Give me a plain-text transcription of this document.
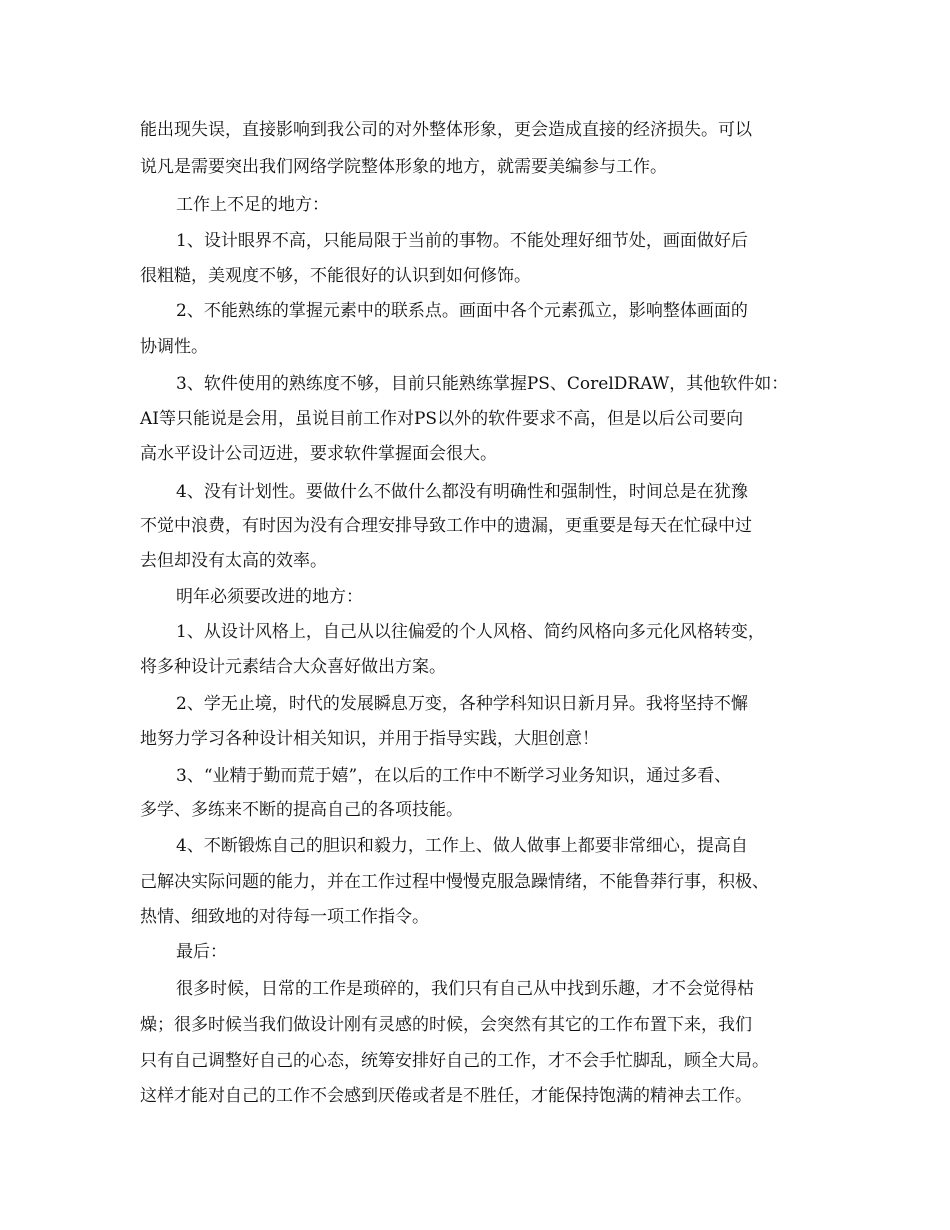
能出现失误，直接影响到我公司的对外整体形象，更会造成直接的经济损失。可以

说凡是需要突出我们网络学院整体形象的地方，就需要美编参与工作。

工作上不足的地方：

1、设计眼界不高，只能局限于当前的事物。不能处理好细节处，画面做好后

很粗糙，美观度不够，不能很好的认识到如何修饰。

2、不能熟练的掌握元素中的联系点。画面中各个元素孤立，影响整体画面的

协调性。

3、软件使用的熟练度不够，目前只能熟练掌握PS、CorelDRAW，其他软件如：

AI等只能说是会用，虽说目前工作对PS以外的软件要求不高，但是以后公司要向

高水平设计公司迈进，要求软件掌握面会很大。

4、没有计划性。要做什么不做什么都没有明确性和强制性，时间总是在犹豫

不觉中浪费，有时因为没有合理安排导致工作中的遗漏，更重要是每天在忙碌中过

去但却没有太高的效率。

明年必须要改进的地方：

1、从设计风格上，自己从以往偏爱的个人风格、简约风格向多元化风格转变，

将多种设计元素结合大众喜好做出方案。

2、学无止境，时代的发展瞬息万变，各种学科知识日新月异。我将坚持不懈

地努力学习各种设计相关知识，并用于指导实践，大胆创意！

3、“业精于勤而荒于嬉”，在以后的工作中不断学习业务知识，通过多看、

多学、多练来不断的提高自己的各项技能。

4、不断锻炼自己的胆识和毅力，工作上、做人做事上都要非常细心，提高自

己解决实际问题的能力，并在工作过程中慢慢克服急躁情绪，不能鲁莽行事，积极、

热情、细致地的对待每一项工作指令。

最后：

很多时候，日常的工作是琐碎的，我们只有自己从中找到乐趣，才不会觉得枯

燥；很多时候当我们做设计刚有灵感的时候，会突然有其它的工作布置下来，我们

只有自己调整好自己的心态，统筹安排好自己的工作，才不会手忙脚乱，顾全大局。

这样才能对自己的工作不会感到厌倦或者是不胜任，才能保持饱满的精神去工作。
